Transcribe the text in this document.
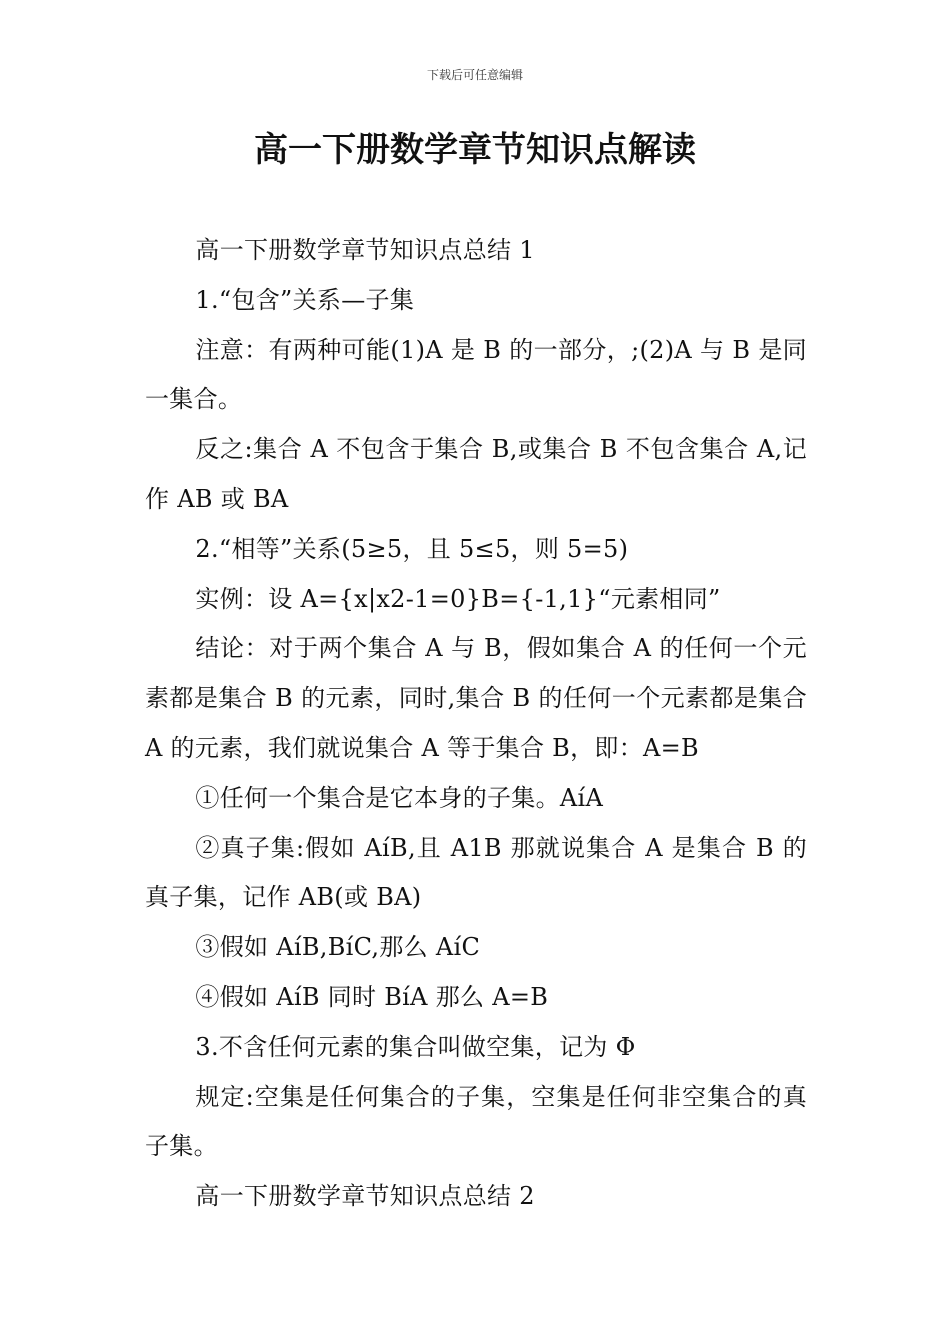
下载后可任意编辑
高一下册数学章节知识点解读

高一下册数学章节知识点总结 1

1.“包含”关系—子集

注意：有两种可能(1)A 是 B 的一部分，;(2)A 与 B 是同一集合。

反之:集合 A 不包含于集合 B,或集合 B 不包含集合 A,记作 AB 或 BA

2.“相等”关系(5≥5，且 5≤5，则 5=5)

实例：设 A={x|x2-1=0}B={-1,1}“元素相同”

结论：对于两个集合 A 与 B，假如集合 A 的任何一个元素都是集合 B 的元素，同时,集合 B 的任何一个元素都是集合 A 的元素，我们就说集合 A 等于集合 B，即：A=B

①任何一个集合是它本身的子集。AíA

②真子集:假如 AíB,且 A1B 那就说集合 A 是集合 B 的真子集，记作 AB(或 BA)

③假如 AíB,BíC,那么 AíC

④假如 AíB 同时 BíA 那么 A=B

3.不含任何元素的集合叫做空集，记为 Φ

规定:空集是任何集合的子集，空集是任何非空集合的真子集。

高一下册数学章节知识点总结 2
